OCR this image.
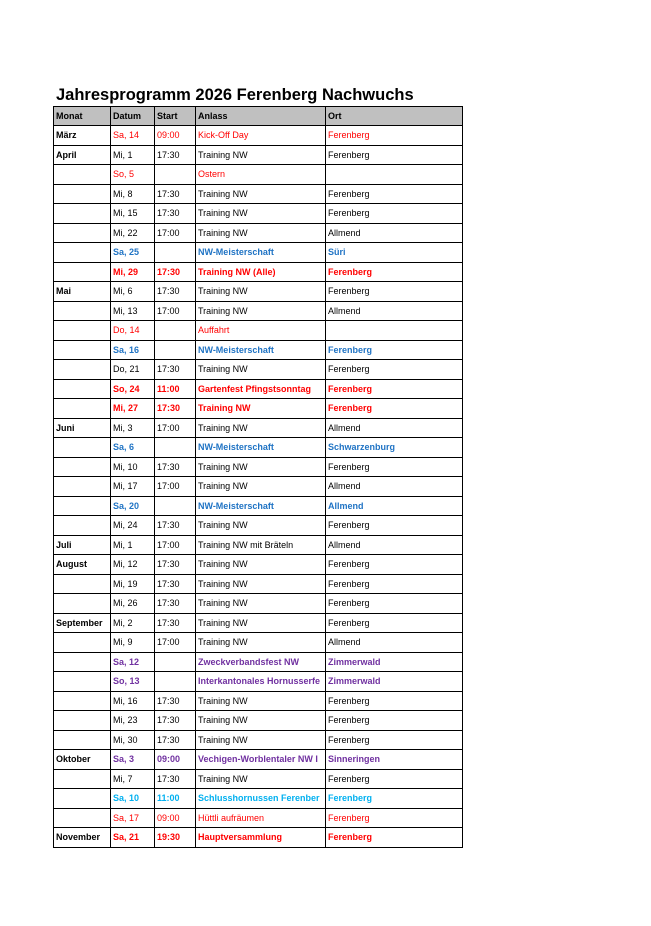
Jahresprogramm 2026 Ferenberg Nachwuchs
Monat	Datum	Start	Anlass	Ort
März	Sa, 14	09:00	Kick-Off Day	Ferenberg
April	Mi, 1	17:30	Training NW	Ferenberg
	So, 5		Ostern	
	Mi, 8	17:30	Training NW	Ferenberg
	Mi, 15	17:30	Training NW	Ferenberg
	Mi, 22	17:00	Training NW	Allmend
	Sa, 25		NW-Meisterschaft	Süri
	Mi, 29	17:30	Training NW (Alle)	Ferenberg
Mai	Mi, 6	17:30	Training NW	Ferenberg
	Mi, 13	17:00	Training NW	Allmend
	Do, 14		Auffahrt	
	Sa, 16		NW-Meisterschaft	Ferenberg
	Do, 21	17:30	Training NW	Ferenberg
	So, 24	11:00	Gartenfest Pfingstsonntag	Ferenberg
	Mi, 27	17:30	Training NW	Ferenberg
Juni	Mi, 3	17:00	Training NW	Allmend
	Sa, 6		NW-Meisterschaft	Schwarzenburg
	Mi, 10	17:30	Training NW	Ferenberg
	Mi, 17	17:00	Training NW	Allmend
	Sa, 20		NW-Meisterschaft	Allmend
	Mi, 24	17:30	Training NW	Ferenberg
Juli	Mi, 1	17:00	Training NW mit Bräteln	Allmend
August	Mi, 12	17:30	Training NW	Ferenberg
	Mi, 19	17:30	Training NW	Ferenberg
	Mi, 26	17:30	Training NW	Ferenberg
September	Mi, 2	17:30	Training NW	Ferenberg
	Mi, 9	17:00	Training NW	Allmend
	Sa, 12		Zweckverbandsfest NW	Zimmerwald
	So, 13		Interkantonales Hornusserfe	Zimmerwald
	Mi, 16	17:30	Training NW	Ferenberg
	Mi, 23	17:30	Training NW	Ferenberg
	Mi, 30	17:30	Training NW	Ferenberg
Oktober	Sa, 3	09:00	Vechigen-Worblentaler NW I	Sinneringen
	Mi, 7	17:30	Training NW	Ferenberg
	Sa, 10	11:00	Schlusshornussen Ferenber	Ferenberg
	Sa, 17	09:00	Hüttli aufräumen	Ferenberg
November	Sa, 21	19:30	Hauptversammlung	Ferenberg
